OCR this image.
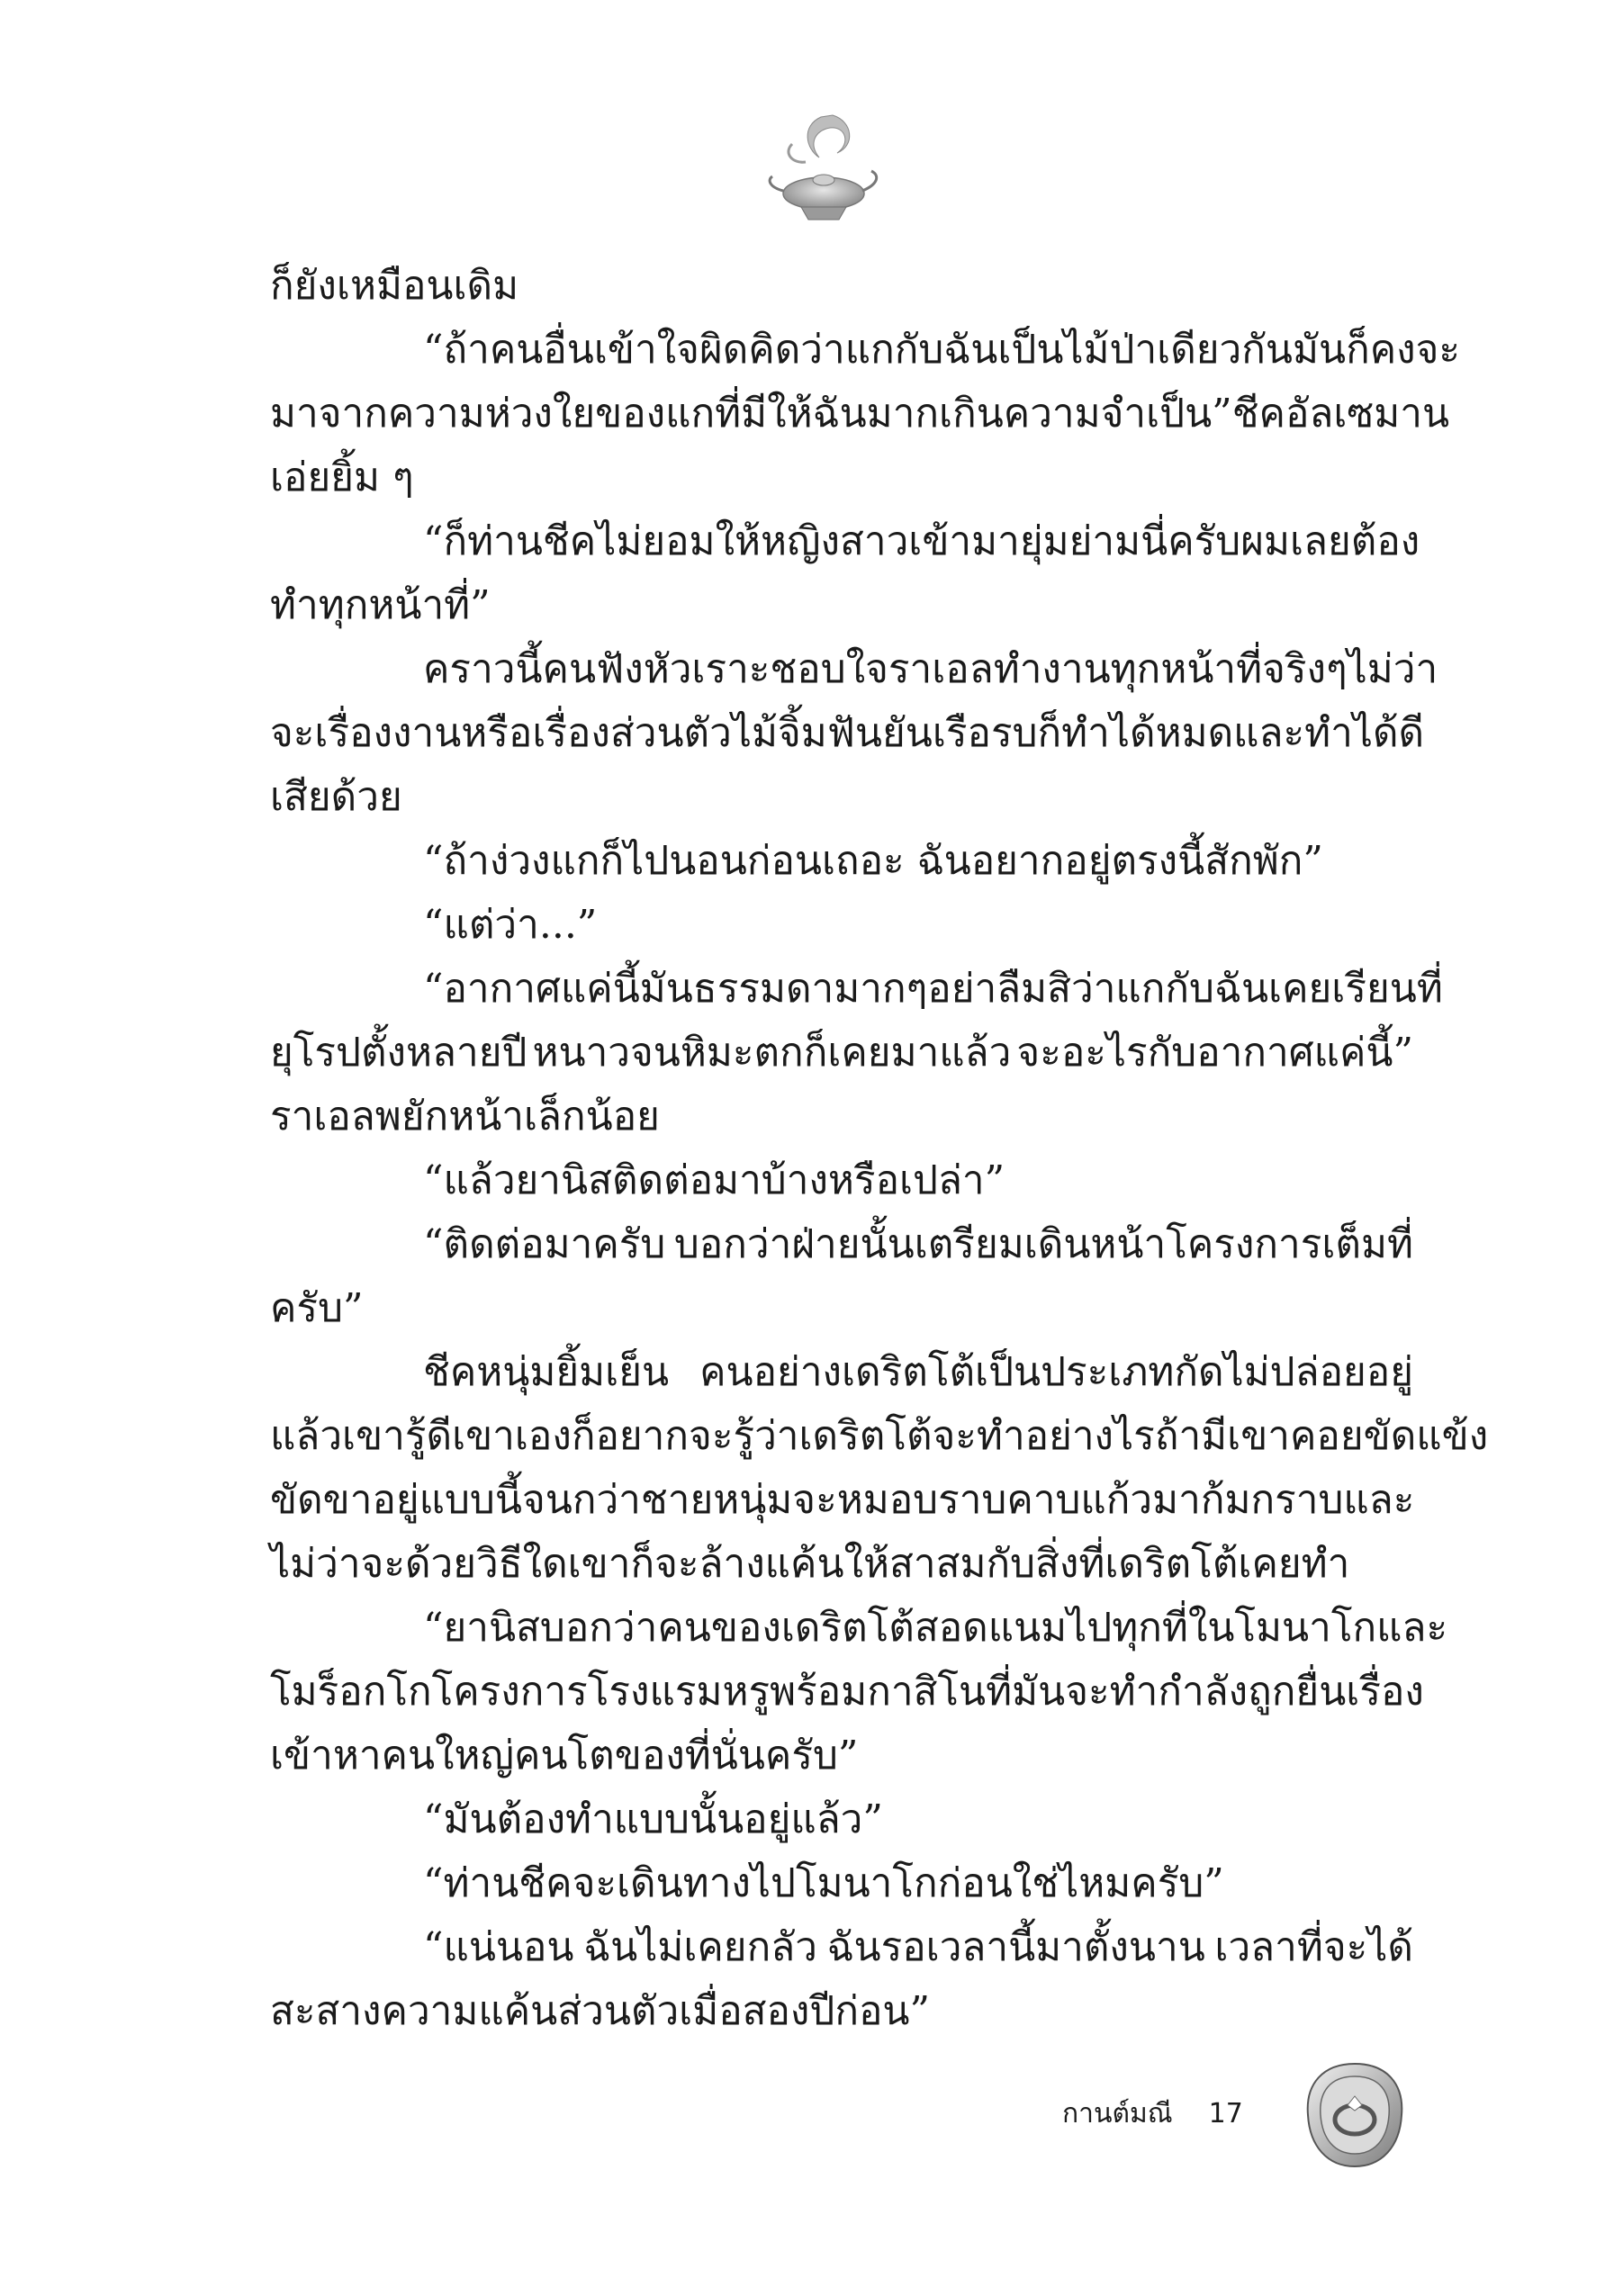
ก็ยังเหมือนเดิม
“ถ้าคนอื่นเข้าใจผิดคิดว่าแกกับฉันเป็นไม้ป่าเดียวกัน มันก็คงจะ
มาจากความห่วงใยของแกที่มีให้ฉันมากเกินความจำเป็น” ชีคอัลเซมาน
เอ่ยยิ้ม ๆ
“ก็ท่านชีคไม่ยอมให้หญิงสาวเข้ามายุ่มย่ามนี่ครับ ผมเลยต้อง
ทำทุกหน้าที่”
คราวนี้คนฟังหัวเราะชอบใจ ราเอลทำงานทุกหน้าที่จริง ๆ ไม่ว่า
จะเรื่องงานหรือเรื่องส่วนตัว ไม้จิ้มฟันยันเรือรบก็ทำได้หมด และทำได้ดี
เสียด้วย
“ถ้าง่วงแกก็ไปนอนก่อนเถอะ ฉันอยากอยู่ตรงนี้สักพัก”
“แต่ว่า...”
“อากาศแค่นี้มันธรรมดามาก ๆ อย่าลืมสิว่าแกกับฉันเคยเรียนที่
ยุโรปตั้งหลายปี หนาวจนหิมะตกก็เคยมาแล้ว จะอะไรกับอากาศแค่นี้”
ราเอลพยักหน้าเล็กน้อย
“แล้วยานิสติดต่อมาบ้างหรือเปล่า”
“ติดต่อมาครับ บอกว่าฝ่ายนั้นเตรียมเดินหน้าโครงการเต็มที่
ครับ”
ชีคหนุ่มยิ้มเย็น คนอย่างเดริตโต้เป็นประเภทกัดไม่ปล่อยอยู่
แล้วเขารู้ดี เขาเองก็อยากจะรู้ว่าเดริตโต้จะทำอย่างไร ถ้ามีเขาคอยขัดแข้ง
ขัดขาอยู่แบบนี้ จนกว่าชายหนุ่มจะหมอบราบคาบแก้วมาก้มกราบ และ
ไม่ว่าจะด้วยวิธีใดเขาก็จะล้างแค้นให้สาสมกับสิ่งที่เดริตโต้เคยทำ
“ยานิสบอกว่าคนของเดริตโต้สอดแนมไปทุกที่ในโมนาโกและ
โมร็อกโก โครงการโรงแรมหรูพร้อมกาสิโนที่มันจะทำกำลังถูกยื่นเรื่อง
เข้าหาคนใหญ่คนโตของที่นั่นครับ”
“มันต้องทำแบบนั้นอยู่แล้ว”
“ท่านชีคจะเดินทางไปโมนาโกก่อนใช่ไหมครับ”
“แน่นอน ฉันไม่เคยกลัว ฉันรอเวลานี้มาตั้งนาน เวลาที่จะได้
สะสางความแค้นส่วนตัวเมื่อสองปีก่อน”
กานต์มณี 17
